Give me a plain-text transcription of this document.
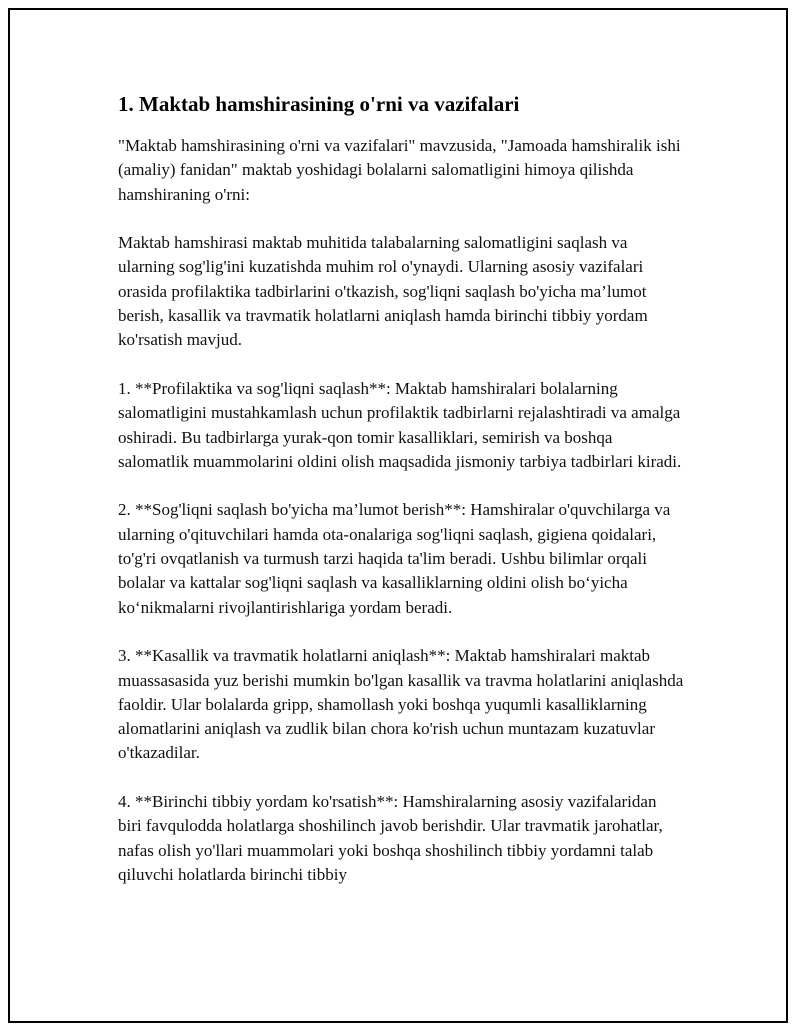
1. Maktab hamshirasining o'rni va vazifalari

"Maktab hamshirasining o'rni va vazifalari" mavzusida, "Jamoada hamshiralik ishi (amaliy) fanidan" maktab yoshidagi bolalarni salomatligini himoya qilishda hamshiraning o'rni:

Maktab hamshirasi maktab muhitida talabalarning salomatligini saqlash va ularning sog'lig'ini kuzatishda muhim rol o'ynaydi. Ularning asosiy vazifalari orasida profilaktika tadbirlarini o'tkazish, sog'liqni saqlash bo'yicha ma’lumot berish, kasallik va travmatik holatlarni aniqlash hamda birinchi tibbiy yordam ko'rsatish mavjud.

1. **Profilaktika va sog'liqni saqlash**: Maktab hamshiralari bolalarning salomatligini mustahkamlash uchun profilaktik tadbirlarni rejalashtiradi va amalga oshiradi. Bu tadbirlarga yurak-qon tomir kasalliklari, semirish va boshqa salomatlik muammolarini oldini olish maqsadida jismoniy tarbiya tadbirlari kiradi.

2. **Sog'liqni saqlash bo'yicha ma’lumot berish**: Hamshiralar o'quvchilarga va ularning o'qituvchilari hamda ota-onalariga sog'liqni saqlash, gigiena qoidalari, to'g'ri ovqatlanish va turmush tarzi haqida ta'lim beradi. Ushbu bilimlar orqali bolalar va kattalar sog'liqni saqlash va kasalliklarning oldini olish bo‘yicha ko‘nikmalarni rivojlantirishlariga yordam beradi.

3. **Kasallik va travmatik holatlarni aniqlash**: Maktab hamshiralari maktab muassasasida yuz berishi mumkin bo'lgan kasallik va travma holatlarini aniqlashda faoldir. Ular bolalarda gripp, shamollash yoki boshqa yuqumli kasalliklarning alomatlarini aniqlash va zudlik bilan chora ko'rish uchun muntazam kuzatuvlar o'tkazadilar.

4. **Birinchi tibbiy yordam ko'rsatish**: Hamshiralarning asosiy vazifalaridan biri favqulodda holatlarga shoshilinch javob berishdir. Ular travmatik jarohatlar, nafas olish yo'llari muammolari yoki boshqa shoshilinch tibbiy yordamni talab qiluvchi holatlarda birinchi tibbiy
